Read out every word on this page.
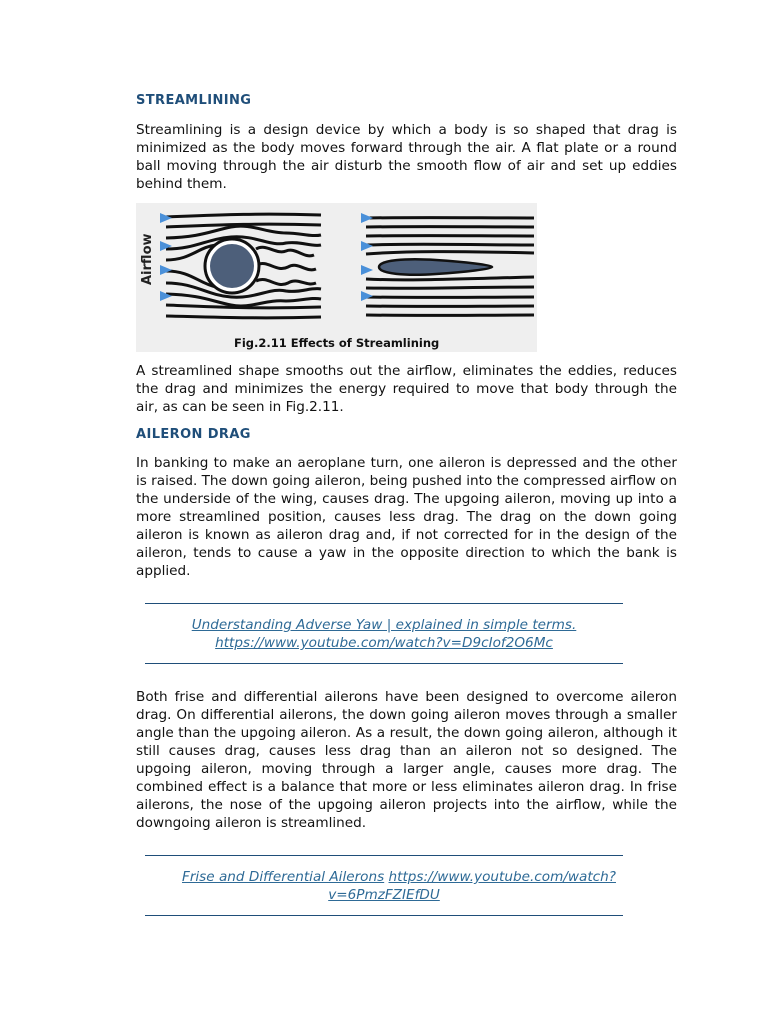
STREAMLINING

Streamlining is a design device by which a body is so shaped that drag is minimized as the body moves forward through the air. A flat plate or a round ball moving through the air disturb the smooth flow of air and set up eddies behind them.

Airflow
Fig.2.11 Effects of Streamlining

A streamlined shape smooths out the airflow, eliminates the eddies, reduces the drag and minimizes the energy required to move that body through the air, as can be seen in Fig.2.11.

AILERON DRAG

In banking to make an aeroplane turn, one aileron is depressed and the other is raised. The down going aileron, being pushed into the compressed airflow on the underside of the wing, causes drag. The upgoing aileron, moving up into a more streamlined position, causes less drag. The drag on the down going aileron is known as aileron drag and, if not corrected for in the design of the aileron, tends to cause a yaw in the opposite direction to which the bank is applied.

Understanding Adverse Yaw | explained in simple terms.
https://www.youtube.com/watch?v=D9cIof2O6Mc

Both frise and differential ailerons have been designed to overcome aileron drag. On differential ailerons, the down going aileron moves through a smaller angle than the upgoing aileron. As a result, the down going aileron, although it still causes drag, causes less drag than an aileron not so designed. The upgoing aileron, moving through a larger angle, causes more drag. The combined effect is a balance that more or less eliminates aileron drag. In frise ailerons, the nose of the upgoing aileron projects into the airflow, while the downgoing aileron is streamlined.

Frise and Differential Ailerons https://www.youtube.com/watch?
v=6PmzFZIEfDU
